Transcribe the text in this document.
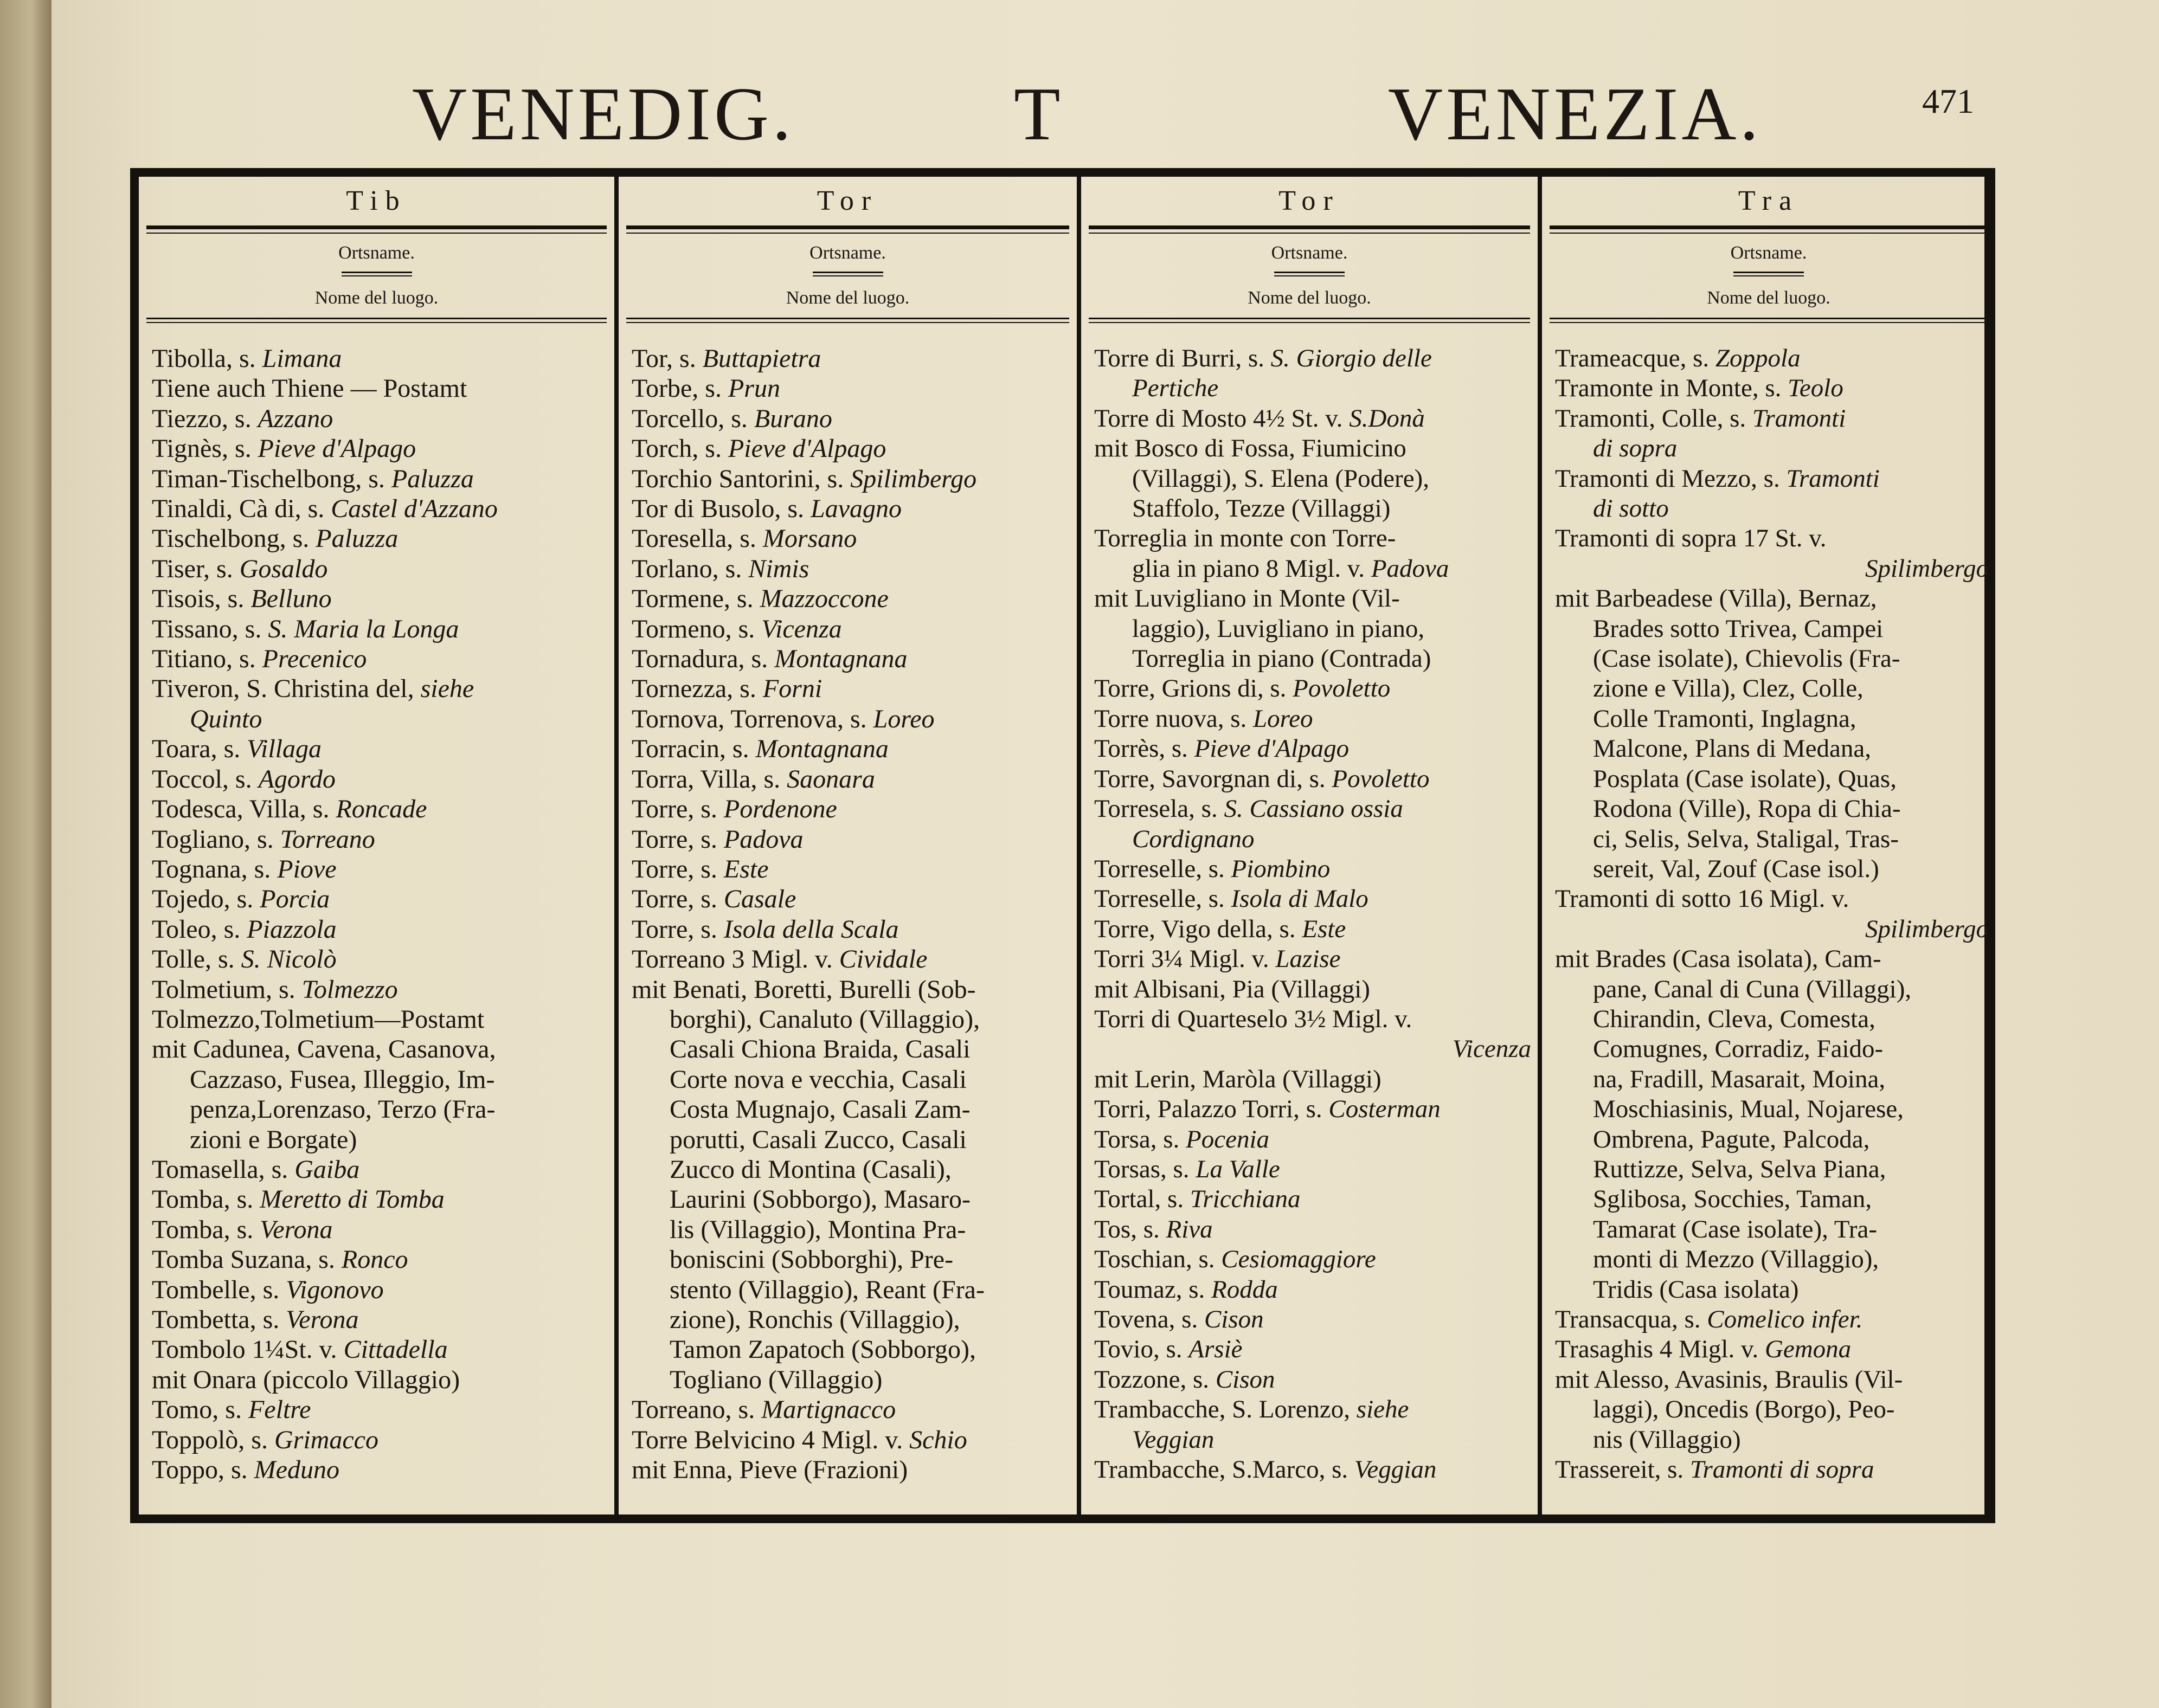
VENEDIG.	T	VENEZIA.	471
Tib
Ortsname.
Nome del luogo.
Tibolla, s. Limana
Tiene auch Thiene — Postamt
Tiezzo, s. Azzano
Tignès, s. Pieve d'Alpago
Timan-Tischelbong, s. Paluzza
Tinaldi, Cà di, s. Castel d'Azzano
Tischelbong, s. Paluzza
Tiser, s. Gosaldo
Tisois, s. Belluno
Tissano, s. S. Maria la Longa
Titiano, s. Precenico
Tiveron, S. Christina del, siehe
Quinto
Toara, s. Villaga
Toccol, s. Agordo
Todesca, Villa, s. Roncade
Togliano, s. Torreano
Tognana, s. Piove
Tojedo, s. Porcia
Toleo, s. Piazzola
Tolle, s. S. Nicolò
Tolmetium, s. Tolmezzo
Tolmezzo,Tolmetium—Postamt
mit Cadunea, Cavena, Casanova,
Cazzaso, Fusea, Illeggio, Im-
penza,Lorenzaso, Terzo (Fra-
zioni e Borgate)
Tomasella, s. Gaiba
Tomba, s. Meretto di Tomba
Tomba, s. Verona
Tomba Suzana, s. Ronco
Tombelle, s. Vigonovo
Tombetta, s. Verona
Tombolo 1¼St. v. Cittadella
mit Onara (piccolo Villaggio)
Tomo, s. Feltre
Toppolò, s. Grimacco
Toppo, s. Meduno
Tor
Ortsname.
Nome del luogo.
Tor, s. Buttapietra
Torbe, s. Prun
Torcello, s. Burano
Torch, s. Pieve d'Alpago
Torchio Santorini, s. Spilimbergo
Tor di Busolo, s. Lavagno
Toresella, s. Morsano
Torlano, s. Nimis
Tormene, s. Mazzoccone
Tormeno, s. Vicenza
Tornadura, s. Montagnana
Tornezza, s. Forni
Tornova, Torrenova, s. Loreo
Torracin, s. Montagnana
Torra, Villa, s. Saonara
Torre, s. Pordenone
Torre, s. Padova
Torre, s. Este
Torre, s. Casale
Torre, s. Isola della Scala
Torreano 3 Migl. v. Cividale
mit Benati, Boretti, Burelli (Sob-
borghi), Canaluto (Villaggio),
Casali Chiona Braida, Casali
Corte nova e vecchia, Casali
Costa Mugnajo, Casali Zam-
porutti, Casali Zucco, Casali
Zucco di Montina (Casali),
Laurini (Sobborgo), Masaro-
lis (Villaggio), Montina Pra-
boniscini (Sobborghi), Pre-
stento (Villaggio), Reant (Fra-
zione), Ronchis (Villaggio),
Tamon Zapatoch (Sobborgo),
Togliano (Villaggio)
Torreano, s. Martignacco
Torre Belvicino 4 Migl. v. Schio
mit Enna, Pieve (Frazioni)
Tor
Ortsname.
Nome del luogo.
Torre di Burri, s. S. Giorgio delle
Pertiche
Torre di Mosto 4½ St. v. S.Donà
mit Bosco di Fossa, Fiumicino
(Villaggi), S. Elena (Podere),
Staffolo, Tezze (Villaggi)
Torreglia in monte con Torre-
glia in piano 8 Migl. v. Padova
mit Luvigliano in Monte (Vil-
laggio), Luvigliano in piano,
Torreglia in piano (Contrada)
Torre, Grions di, s. Povoletto
Torre nuova, s. Loreo
Torrès, s. Pieve d'Alpago
Torre, Savorgnan di, s. Povoletto
Torresela, s. S. Cassiano ossia
Cordignano
Torreselle, s. Piombino
Torreselle, s. Isola di Malo
Torre, Vigo della, s. Este
Torri 3¼ Migl. v. Lazise
mit Albisani, Pia (Villaggi)
Torri di Quarteselo 3½ Migl. v.
Vicenza
mit Lerin, Maròla (Villaggi)
Torri, Palazzo Torri, s. Costerman
Torsa, s. Pocenia
Torsas, s. La Valle
Tortal, s. Tricchiana
Tos, s. Riva
Toschian, s. Cesiomaggiore
Toumaz, s. Rodda
Tovena, s. Cison
Tovio, s. Arsiè
Tozzone, s. Cison
Trambacche, S. Lorenzo, siehe
Veggian
Trambacche, S.Marco, s. Veggian
Tra
Ortsname.
Nome del luogo.
Trameacque, s. Zoppola
Tramonte in Monte, s. Teolo
Tramonti, Colle, s. Tramonti
di sopra
Tramonti di Mezzo, s. Tramonti
di sotto
Tramonti di sopra 17 St. v.
Spilimbergo
mit Barbeadese (Villa), Bernaz,
Brades sotto Trivea, Campei
(Case isolate), Chievolis (Fra-
zione e Villa), Clez, Colle,
Colle Tramonti, Inglagna,
Malcone, Plans di Medana,
Posplata (Case isolate), Quas,
Rodona (Ville), Ropa di Chia-
ci, Selis, Selva, Staligal, Tras-
sereit, Val, Zouf (Case isol.)
Tramonti di sotto 16 Migl. v.
Spilimbergo
mit Brades (Casa isolata), Cam-
pane, Canal di Cuna (Villaggi),
Chirandin, Cleva, Comesta,
Comugnes, Corradiz, Faido-
na, Fradill, Masarait, Moina,
Moschiasinis, Mual, Nojarese,
Ombrena, Pagute, Palcoda,
Ruttizze, Selva, Selva Piana,
Sglibosa, Socchies, Taman,
Tamarat (Case isolate), Tra-
monti di Mezzo (Villaggio),
Tridis (Casa isolata)
Transacqua, s. Comelico infer.
Trasaghis 4 Migl. v. Gemona
mit Alesso, Avasinis, Braulis (Vil-
laggi), Oncedis (Borgo), Peo-
nis (Villaggio)
Trassereit, s. Tramonti di sopra
